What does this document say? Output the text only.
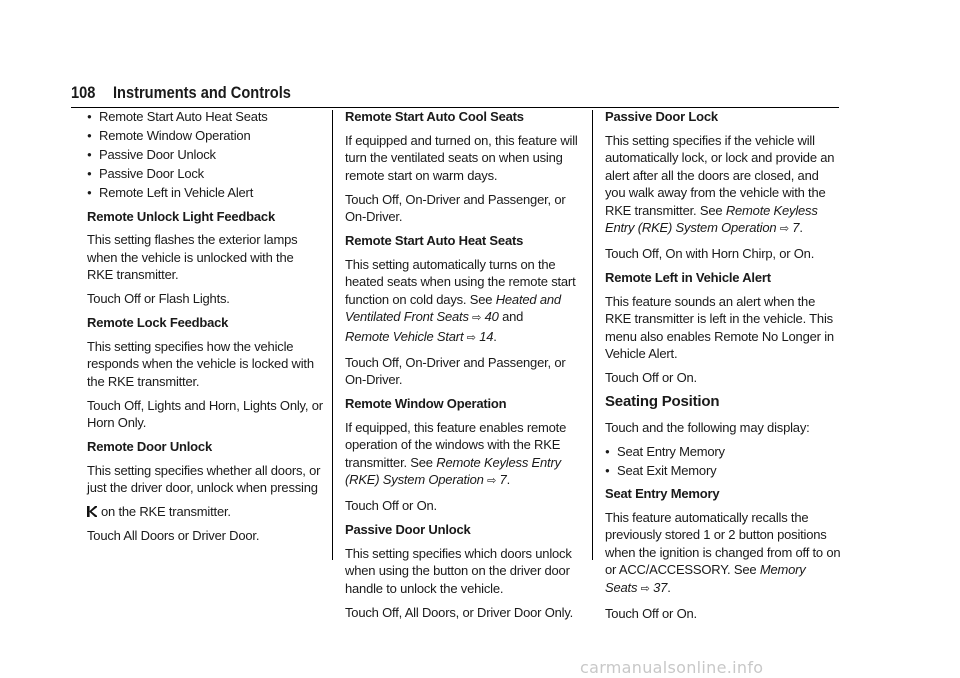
108 Instruments and Controls
● Remote Start Auto Heat Seats
● Remote Window Operation
● Passive Door Unlock
● Passive Door Lock
● Remote Left in Vehicle Alert

Remote Unlock Light Feedback

This setting flashes the exterior lamps when the vehicle is unlocked with the RKE transmitter.

Touch Off or Flash Lights.

Remote Lock Feedback

This setting specifies how the vehicle responds when the vehicle is locked with the RKE transmitter.

Touch Off, Lights and Horn, Lights Only, or Horn Only.

Remote Door Unlock

This setting specifies whether all doors, or just the driver door, unlock when pressing

on the RKE transmitter.

Touch All Doors or Driver Door.

Remote Start Auto Cool Seats

If equipped and turned on, this feature will turn the ventilated seats on when using remote start on warm days.

Touch Off, On-Driver and Passenger, or On-Driver.

Remote Start Auto Heat Seats

This setting automatically turns on the heated seats when using the remote start function on cold days. See Heated and Ventilated Front Seats ⇨ 40 and
Remote Vehicle Start ⇨ 14.

Touch Off, On-Driver and Passenger, or On-Driver.

Remote Window Operation

If equipped, this feature enables remote operation of the windows with the RKE transmitter. See Remote Keyless Entry (RKE) System Operation ⇨ 7.

Touch Off or On.

Passive Door Unlock

This setting specifies which doors unlock when using the button on the driver door handle to unlock the vehicle.

Touch Off, All Doors, or Driver Door Only.

Passive Door Lock

This setting specifies if the vehicle will automatically lock, or lock and provide an alert after all the doors are closed, and you walk away from the vehicle with the RKE transmitter. See Remote Keyless Entry (RKE) System Operation ⇨ 7.

Touch Off, On with Horn Chirp, or On.

Remote Left in Vehicle Alert

This feature sounds an alert when the RKE transmitter is left in the vehicle. This menu also enables Remote No Longer in Vehicle Alert.

Touch Off or On.

Seating Position

Touch and the following may display:

● Seat Entry Memory
● Seat Exit Memory

Seat Entry Memory

This feature automatically recalls the previously stored 1 or 2 button positions when the ignition is changed from off to on or ACC/ACCESSORY. See Memory Seats ⇨ 37.

Touch Off or On.

carmanualsonline.info
